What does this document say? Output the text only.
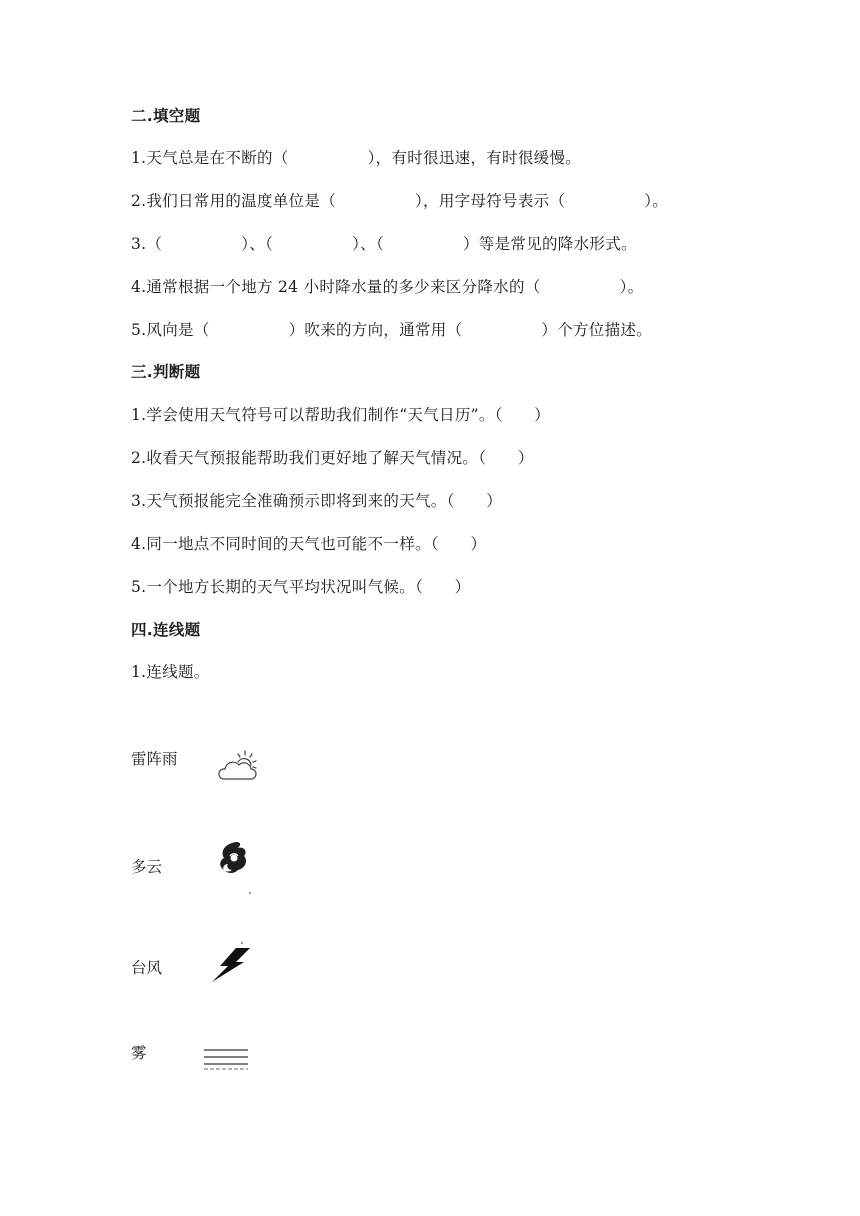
二.填空题
1.天气总是在不断的（　　　　　），有时很迅速，有时很缓慢。
2.我们日常用的温度单位是（　　　　　），用字母符号表示（　　　　　）。
3.（　　　　　）、（　　　　　）、（　　　　　）等是常见的降水形式。
4.通常根据一个地方 24 小时降水量的多少来区分降水的（　　　　　）。
5.风向是（　　　　　）吹来的方向，通常用（　　　　　）个方位描述。
三.判断题
1.学会使用天气符号可以帮助我们制作“天气日历”。（　　）
2.收看天气预报能帮助我们更好地了解天气情况。（　　）
3.天气预报能完全准确预示即将到来的天气。（　　）
4.同一地点不同时间的天气也可能不一样。（　　）
5.一个地方长期的天气平均状况叫气候。（　　）
四.连线题
1.连线题。
雷阵雨
多云
台风
雾
